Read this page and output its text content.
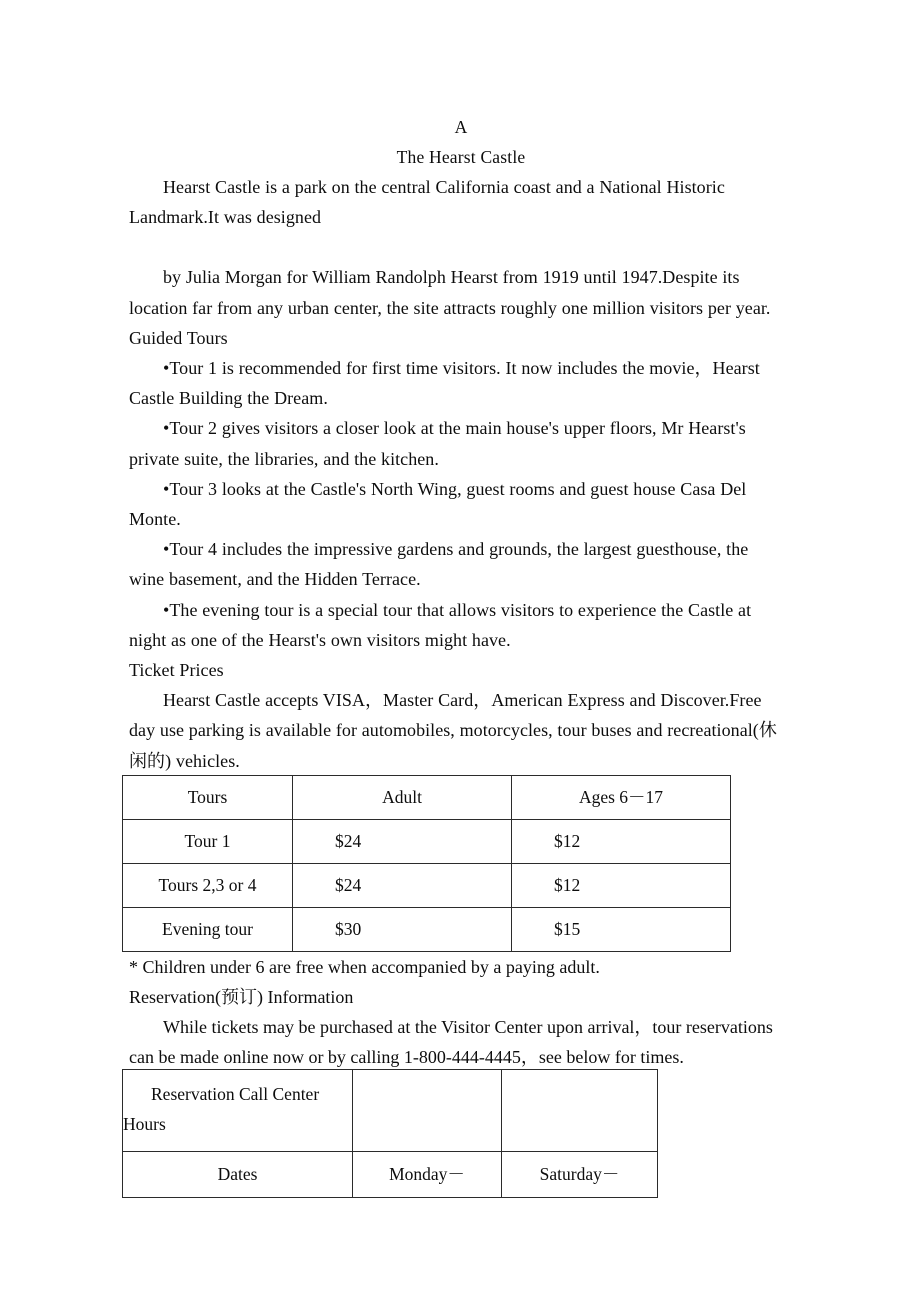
A
The Hearst Castle
Hearst Castle is a park on the central California coast and a National Historic
Landmark.It was designed
by Julia Morgan for William Randolph Hearst from 1919 until 1947.Despite its
location far from any urban center, the site attracts roughly one million visitors per year.
Guided Tours
•Tour 1 is recommended for first time visitors. It now includes the movie，Hearst
Castle Building the Dream.
•Tour 2 gives visitors a closer look at the main house's upper floors, Mr Hearst's
private suite, the libraries, and the kitchen.
•Tour 3 looks at the Castle's North Wing, guest rooms and guest house Casa Del
Monte.
•Tour 4 includes the impressive gardens and grounds, the largest guesthouse, the
wine basement, and the Hidden Terrace.
•The evening tour is a special tour that allows visitors to experience the Castle at
night as one of the Hearst's own visitors might have.
Ticket Prices
Hearst Castle accepts VISA，Master Card，American Express and Discover.Free
day use parking is available for automobiles, motorcycles, tour buses and recreational(休
闲的) vehicles.
Tours	Adult	Ages 6－17
Tour 1	$24	$12
Tours 2,3 or 4	$24	$12
Evening tour	$30	$15
* Children under 6 are free when accompanied by a paying adult.
Reservation(预订) Information
While tickets may be purchased at the Visitor Center upon arrival，tour reservations
can be made online now or by calling 1-800-444-4445，see below for times.
Reservation Call Center
Hours		

Dates	Monday－	Saturday－
